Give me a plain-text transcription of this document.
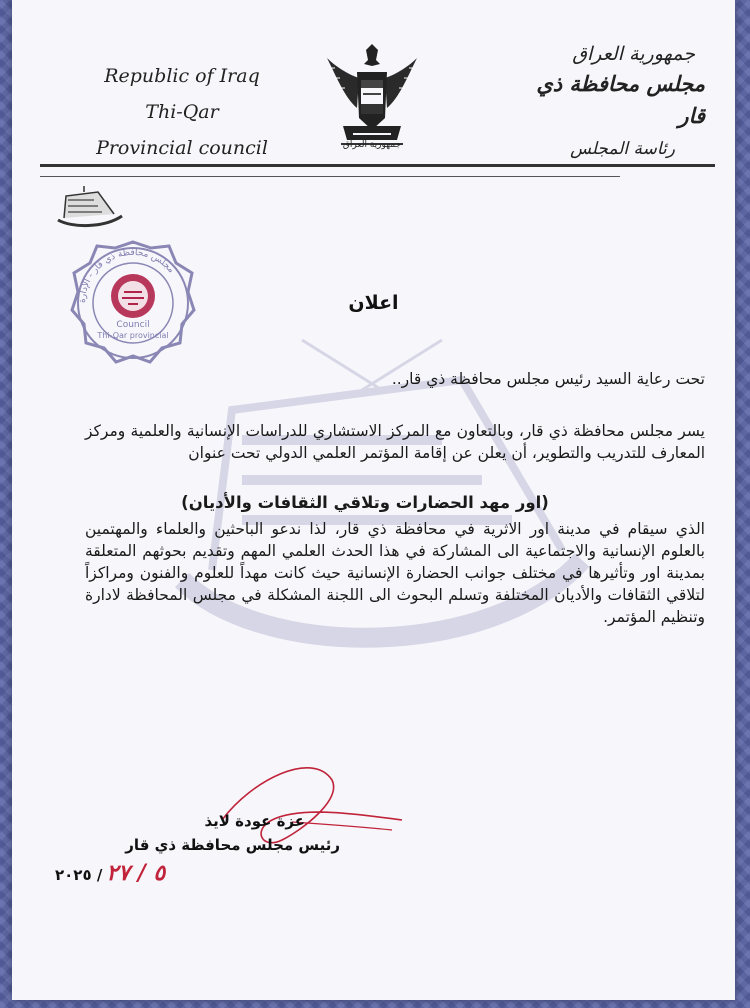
Republic of Iraq
Thi-Qar
Provincial council	جمهورية العراق
جمهورية العراق
مجلس محافظة ذي قار
رئاسة المجلس
مجلس محافظة ذي قار - الإدارة
Council
Thi-Qar provincial
اعلان
تحت رعاية السيد رئيس مجلس محافظة ذي قار..
يسر مجلس محافظة ذي قار، وبالتعاون مع المركز الاستشاري للدراسات الإنسانية والعلمية ومركز المعارف للتدريب والتطوير، أن يعلن عن إقامة المؤتمر العلمي الدولي تحت عنوان
(اور مهد الحضارات وتلاقي الثقافات والأديان)
الذي سيقام في مدينة اور الاثرية في محافظة ذي قار، لذا ندعو الباحثين والعلماء والمهتمين بالعلوم الإنسانية والاجتماعية الى المشاركة في هذا الحدث العلمي المهم وتقديم بحوثهم المتعلقة بمدينة اور وتأثيرها في مختلف جوانب الحضارة الإنسانية حيث كانت مهداً للعلوم والفنون ومراكزاً لتلاقي الثقافات والأديان المختلفة وتسلم البحوث الى اللجنة المشكلة في مجلس المحافظة لادارة وتنظيم المؤتمر.
عزة عودة لايذ
رئيس مجلس محافظة ذي قار
٢٠٢٥ / ٥ / ٢٧
